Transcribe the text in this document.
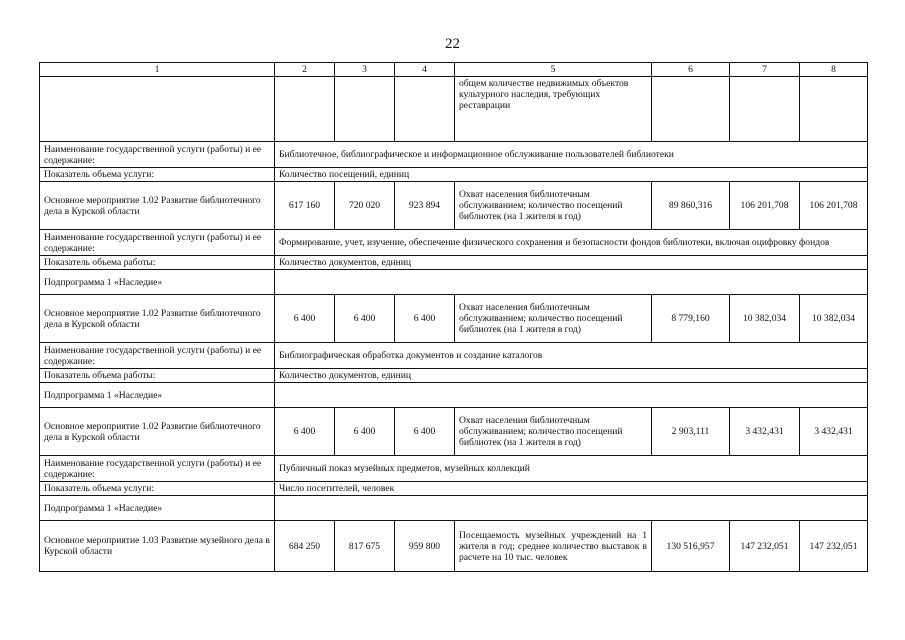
22
1	2	3	4	5	6	7	8
				общем количестве недвижимых объектов культурного наследия, требующих реставрации			
Наименование государственной услуги (работы) и ее содержание:	Библиотечное, библиографическое и информационное обслуживание пользователей библиотеки						
Показатель объема услуги:	Количество посещений, единиц						
Основное мероприятие 1.02 Развитие библиотечного дела в Курской области	617 160	720 020	923 894	Охват населения библиотечным обслуживанием; количество посещений библиотек (на 1 жителя в год)	89 860,316	106 201,708	106 201,708
Наименование государственной услуги (работы) и ее содержание:	Формирование, учет, изучение, обеспечение физического сохранения и безопасности фондов библиотеки, включая оцифровку фондов						
Показатель объема работы:	Количество документов, единиц						
Подпрограмма 1 «Наследие»							
Основное мероприятие 1.02 Развитие библиотечного дела в Курской области	6 400	6 400	6 400	Охват населения библиотечным обслуживанием; количество посещений библиотек (на 1 жителя в год)	8 779,160	10 382,034	10 382,034
Наименование государственной услуги (работы) и ее содержание:	Библиографическая обработка документов и создание каталогов						
Показатель объема работы:	Количество документов, единиц						
Подпрограмма 1 «Наследие»							
Основное мероприятие 1.02 Развитие библиотечного дела в Курской области	6 400	6 400	6 400	Охват населения библиотечным обслуживанием; количество посещений библиотек (на 1 жителя в год)	2 903,111	3 432,431	3 432,431
Наименование государственной услуги (работы) и ее содержание:	Публичный показ музейных предметов, музейных коллекций						
Показатель объема услуги:	Число посетителей, человек						
Подпрограмма 1 «Наследие»							
Основное мероприятие 1.03 Развитие музейного дела в Курской области	684 250	817 675	959 800	Посещаемость музейных учреждений на 1 жителя в год; среднее количество выставок в расчете на 10 тыс. человек	130 516,957	147 232,051	147 232,051
